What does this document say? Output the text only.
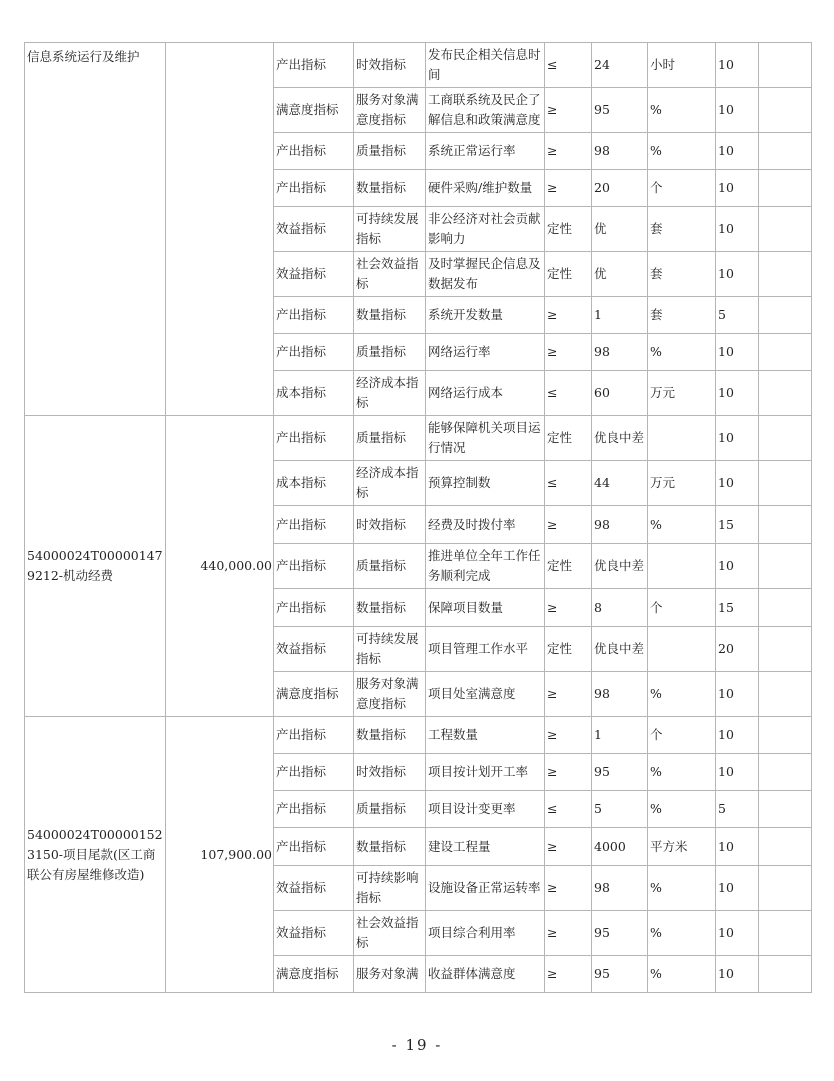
信息系统运行及维护		产出指标	时效指标	发布民企相关信息时间	≤	24	小时	10	
		满意度指标	服务对象满意度指标	工商联系统及民企了解信息和政策满意度	≥	95	%	10	
		产出指标	质量指标	系统正常运行率	≥	98	%	10	
		产出指标	数量指标	硬件采购/维护数量	≥	20	个	10	
		效益指标	可持续发展指标	非公经济对社会贡献影响力	定性	优	套	10	
		效益指标	社会效益指标	及时掌握民企信息及数据发布	定性	优	套	10	
		产出指标	数量指标	系统开发数量	≥	1	套	5	
		产出指标	质量指标	网络运行率	≥	98	%	10	
		成本指标	经济成本指标	网络运行成本	≤	60	万元	10	
54000024T000001479212-机动经费	440,000.00	产出指标	质量指标	能够保障机关项目运行情况	定性	优良中差		10	
		成本指标	经济成本指标	预算控制数	≤	44	万元	10	
		产出指标	时效指标	经费及时拨付率	≥	98	%	15	
		产出指标	质量指标	推进单位全年工作任务顺利完成	定性	优良中差		10	
		产出指标	数量指标	保障项目数量	≥	8	个	15	
		效益指标	可持续发展指标	项目管理工作水平	定性	优良中差		20	
		满意度指标	服务对象满意度指标	项目处室满意度	≥	98	%	10	
54000024T000001523150-项目尾款(区工商联公有房屋维修改造)	107,900.00	产出指标	数量指标	工程数量	≥	1	个	10	
		产出指标	时效指标	项目按计划开工率	≥	95	%	10	
		产出指标	质量指标	项目设计变更率	≤	5	%	5	
		产出指标	数量指标	建设工程量	≥	4000	平方米	10	
		效益指标	可持续影响指标	设施设备正常运转率	≥	98	%	10	
		效益指标	社会效益指标	项目综合利用率	≥	95	%	10	
		满意度指标	服务对象满	收益群体满意度	≥	95	%	10	
- 19 -
